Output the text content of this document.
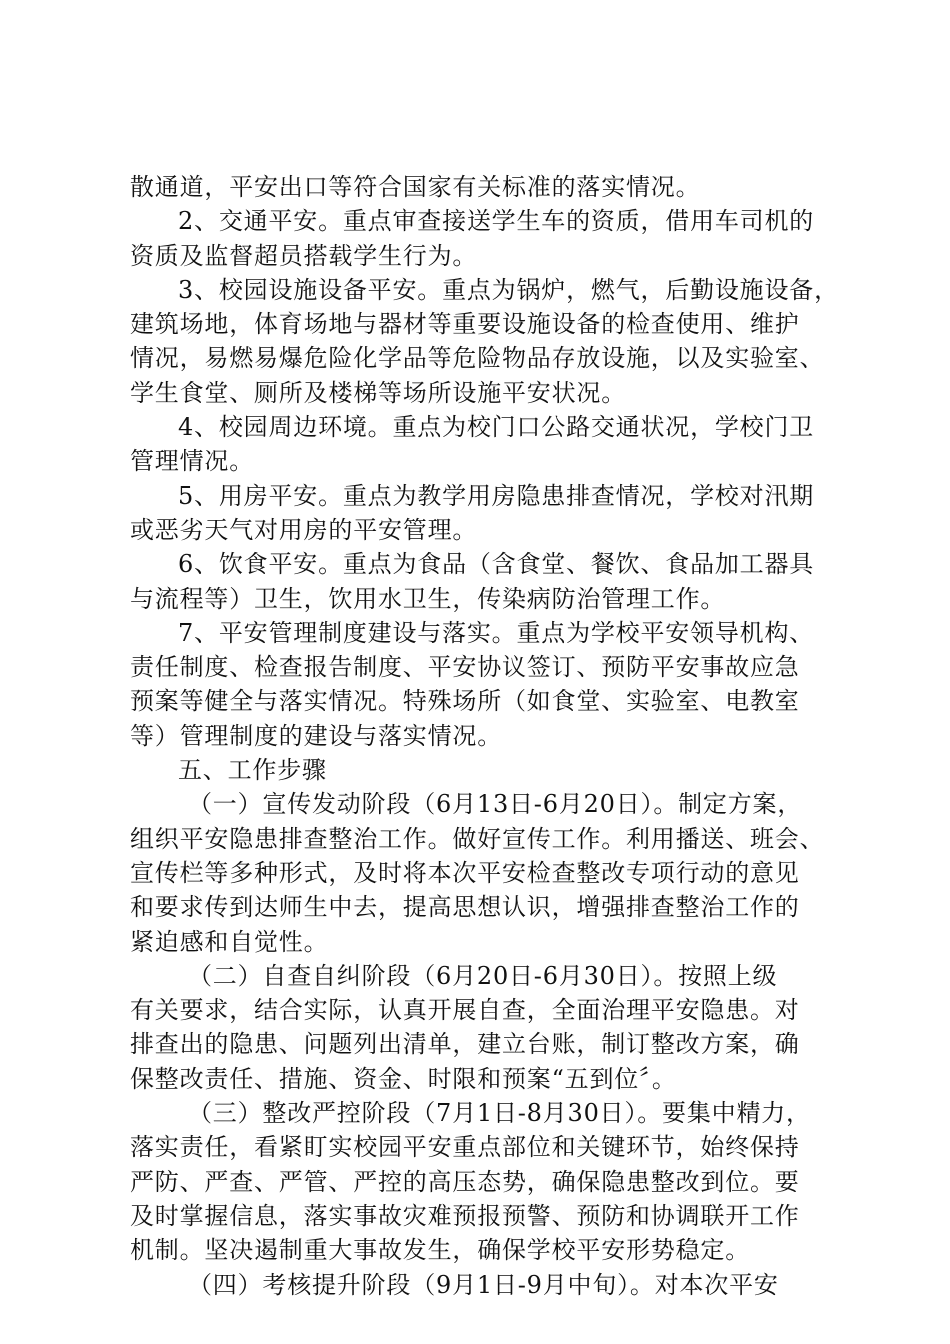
散通道，平安出口等符合国家有关标准的落实情况。
2、交通平安。重点审查接送学生车的资质，借用车司机的
资质及监督超员搭载学生行为。
3、校园设施设备平安。重点为锅炉，燃气，后勤设施设备，
建筑场地，体育场地与器材等重要设施设备的检查使用、维护
情况，易燃易爆危险化学品等危险物品存放设施，以及实验室、
学生食堂、厕所及楼梯等场所设施平安状况。
4、校园周边环境。重点为校门口公路交通状况，学校门卫
管理情况。
5、用房平安。重点为教学用房隐患排查情况，学校对汛期
或恶劣天气对用房的平安管理。
6、饮食平安。重点为食品（含食堂、餐饮、食品加工器具
与流程等）卫生，饮用水卫生，传染病防治管理工作。
7、平安管理制度建设与落实。重点为学校平安领导机构、
责任制度、检查报告制度、平安协议签订、预防平安事故应急
预案等健全与落实情况。特殊场所（如食堂、实验室、电教室
等）管理制度的建设与落实情况。
五、工作步骤
（一）宣传发动阶段（6月13日-6月20日）。制定方案，
组织平安隐患排查整治工作。做好宣传工作。利用播送、班会、
宣传栏等多种形式，及时将本次平安检查整改专项行动的意见
和要求传到达师生中去，提高思想认识，增强排查整治工作的
紧迫感和自觉性。
（二）自查自纠阶段（6月20日-6月30日）。按照上级
有关要求，结合实际，认真开展自查，全面治理平安隐患。对
排查出的隐患、问题列出清单，建立台账，制订整改方案，确
保整改责任、措施、资金、时限和预案“五到位〞。
（三）整改严控阶段（7月1日-8月30日）。要集中精力，
落实责任，看紧盯实校园平安重点部位和关键环节，始终保持
严防、严查、严管、严控的高压态势，确保隐患整改到位。要
及时掌握信息，落实事故灾难预报预警、预防和协调联开工作
机制。坚决遏制重大事故发生，确保学校平安形势稳定。
（四）考核提升阶段（9月1日-9月中旬）。对本次平安
